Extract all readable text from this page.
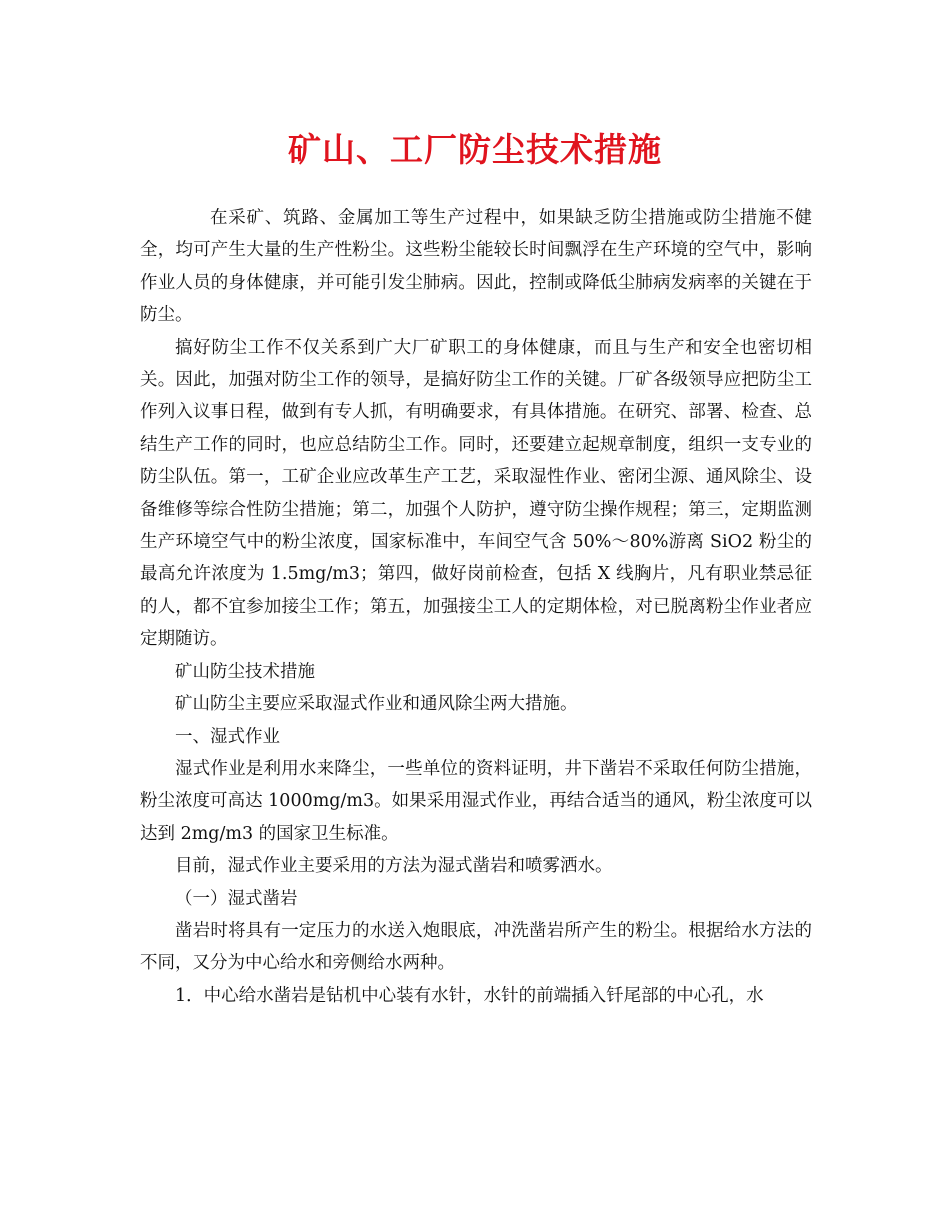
矿山、工厂防尘技术措施

在采矿、筑路、金属加工等生产过程中，如果缺乏防尘措施或防尘措施不健全，均可产生大量的生产性粉尘。这些粉尘能较长时间飘浮在生产环境的空气中，影响作业人员的身体健康，并可能引发尘肺病。因此，控制或降低尘肺病发病率的关键在于防尘。

搞好防尘工作不仅关系到广大厂矿职工的身体健康，而且与生产和安全也密切相关。因此，加强对防尘工作的领导，是搞好防尘工作的关键。厂矿各级领导应把防尘工作列入议事日程，做到有专人抓，有明确要求，有具体措施。在研究、部署、检查、总结生产工作的同时，也应总结防尘工作。同时，还要建立起规章制度，组织一支专业的防尘队伍。第一，工矿企业应改革生产工艺，采取湿性作业、密闭尘源、通风除尘、设备维修等综合性防尘措施；第二，加强个人防护，遵守防尘操作规程；第三，定期监测生产环境空气中的粉尘浓度，国家标准中，车间空气含 50%～80%游离 SiO2 粉尘的最高允许浓度为 1.5mg/m3；第四，做好岗前检查，包括 X 线胸片，凡有职业禁忌征的人，都不宜参加接尘工作；第五，加强接尘工人的定期体检，对已脱离粉尘作业者应定期随访。

矿山防尘技术措施

矿山防尘主要应采取湿式作业和通风除尘两大措施。

一、湿式作业

湿式作业是利用水来降尘，一些单位的资料证明，井下凿岩不采取任何防尘措施，粉尘浓度可高达 1000mg/m3。如果采用湿式作业，再结合适当的通风，粉尘浓度可以达到 2mg/m3 的国家卫生标准。

目前，湿式作业主要采用的方法为湿式凿岩和喷雾洒水。

（一）湿式凿岩

凿岩时将具有一定压力的水送入炮眼底，冲洗凿岩所产生的粉尘。根据给水方法的不同，又分为中心给水和旁侧给水两种。

1．中心给水凿岩是钻机中心装有水针，水针的前端插入钎尾部的中心孔，水
